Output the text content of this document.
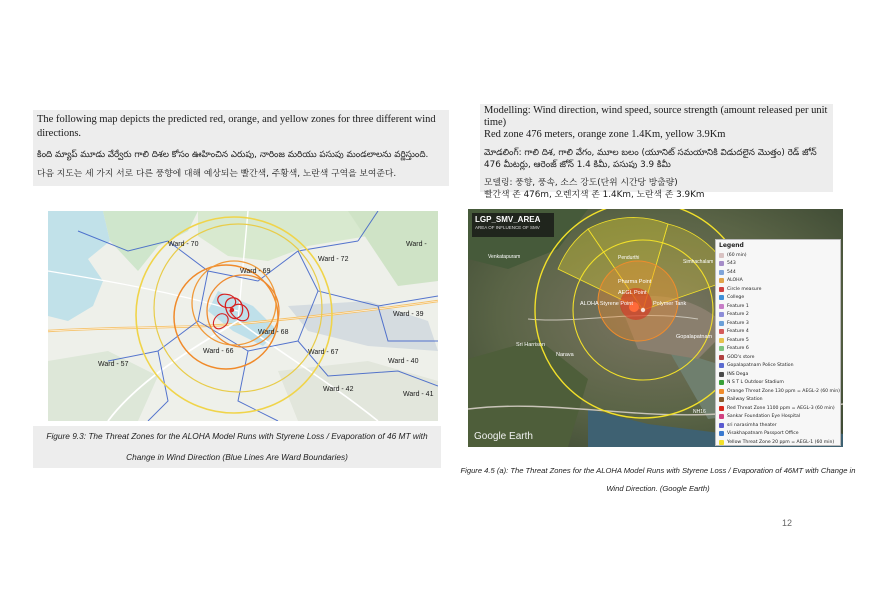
The following map depicts the predicted red, orange, and yellow zones for three different wind directions.

కింది మ్యాప్ మూడు వేర్వేరు గాలి దిశల కోసం ఊహించిన ఎరుపు, నారింజ మరియు పసుపు మండలాలను వర్ణిస్తుంది.

다음 지도는 세 가지 서로 다른 풍향에 대해 예상되는 빨간색, 주황색, 노란색 구역을 보여준다.

Modelling: Wind direction, wind speed, source strength (amount released per unit time)
Red zone 476 meters, orange zone 1.4Km, yellow 3.9Km
మోడలింగ్: గాలి దిశ, గాలి వేగం, మూల బలం (యూనిట్ సమయానికి విడుదలైన మొత్తం) రెడ్ జోన్ 476 మీటర్లు, ఆరెంజ్ జోన్ 1.4 కిమీ, పసుపు 3.9 కిమీ
모델링: 풍향, 풍속, 소스 강도(단위 시간당 방출량)
빨간색 존 476m, 오렌지색 존 1.4Km, 노란색 존 3.9Km
Ward - 70	Ward -
Ward - 69
Ward - 72
Ward - 39
Ward - 68
Ward - 66	Ward - 67
Ward - 57	Ward - 40
Ward - 42
Ward - 41
Figure 9.3: The Threat Zones for the ALOHA Model Runs with Styrene Loss / Evaporation of 46 MT with
Change in Wind Direction (Blue Lines Are Ward Boundaries)
LGP_SMV_AREA
AREA OF INFLUENCE OF SMV
Venkatapuram	Pendurthi
Simhachalam
Gopalapatnam
Sri Harrison
Narava
Pharma Point
AEGL Point
ALOHA Styrene Point	Polymer Tank
NH16
Google Earth
Legend
(60 min)
543
544
ALOHA
Circle measure
College
Feature 1
Feature 2
Feature 3
Feature 4
Feature 5
Feature 6
GOD's store
Gopalapatnam Police Station
INS Dega
N S T L Outdoor Stadium
Orange Threat Zone 130 ppm = AEGL-2 (60 min)
Railway Station
Red Threat Zone 1100 ppm = AEGL-3 (60 min)
Sankar Foundation Eye Hospital
sri narasimha theater
Visakhapatnam Passport Office
Yellow Threat Zone 20 ppm = AEGL-1 (60 min)
Figure 4.5 (a): The Threat Zones for the ALOHA Model Runs with Styrene Loss / Evaporation of 46MT with Change in
Wind Direction. (Google Earth)
12
